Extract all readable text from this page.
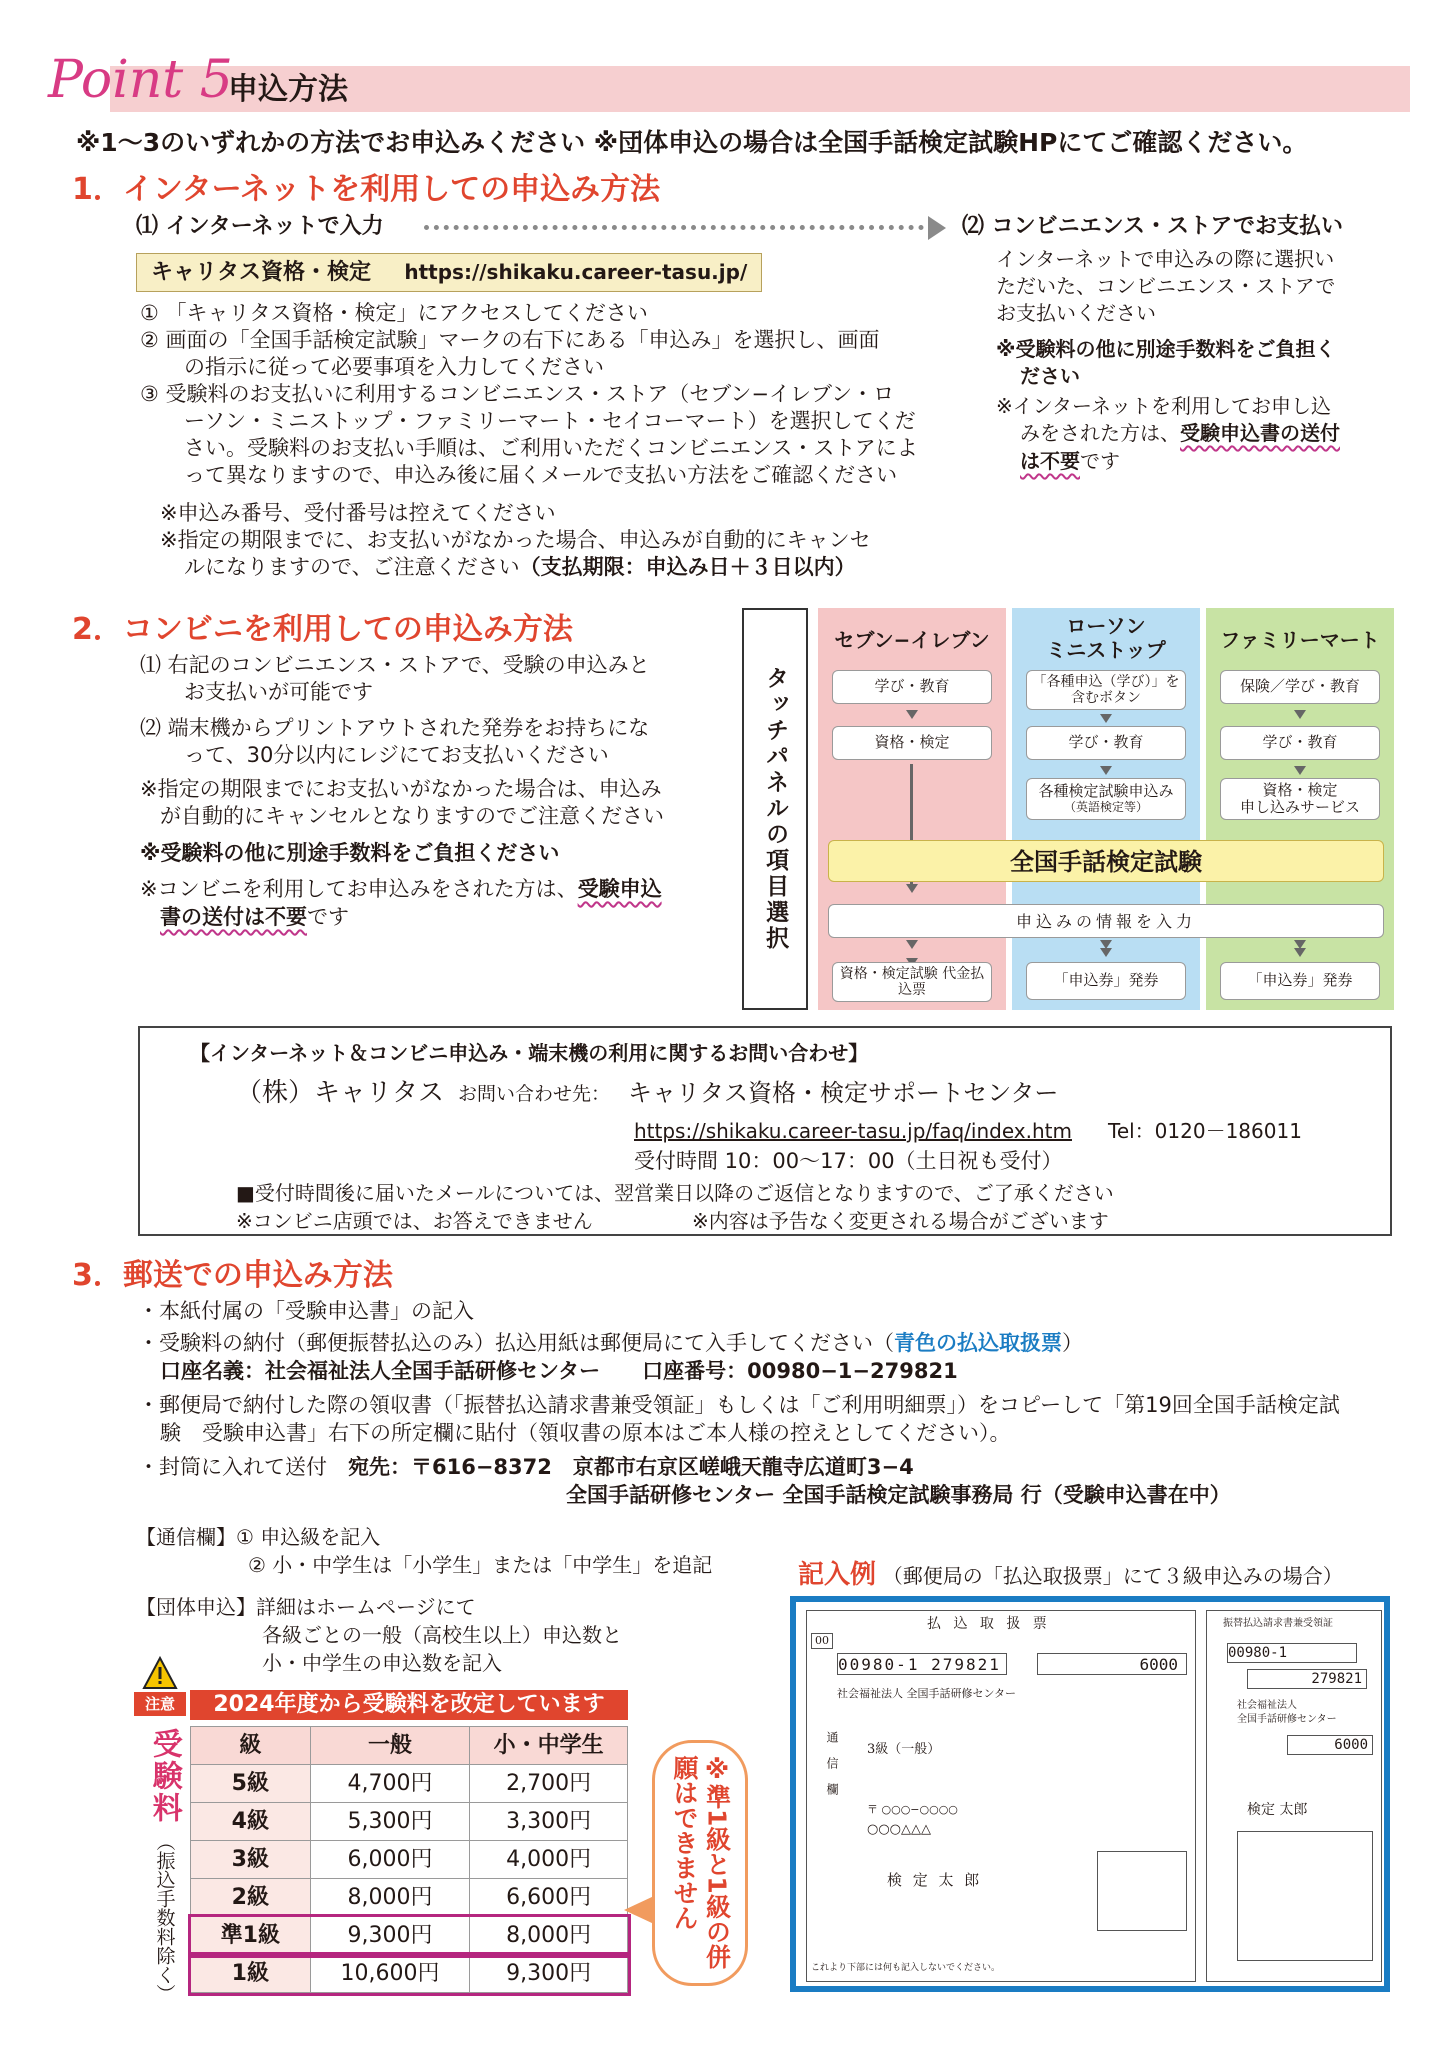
Point 5
申込方法
※1～3のいずれかの方法でお申込みください ※団体申込の場合は全国手話検定試験HPにてご確認ください。
1．インターネットを利用しての申込み方法
⑴ インターネットで入力	⑵ コンビニエンス・ストアでお支払い
キャリタス資格・検定 https://shikaku.career-tasu.jp/
① 「キャリタス資格・検定」にアクセスしてください
② 画面の「全国手話検定試験」マークの右下にある「申込み」を選択し、画面
の指示に従って必要事項を入力してください
③ 受験料のお支払いに利用するコンビニエンス・ストア（セブン−イレブン・ロ
ーソン・ミニストップ・ファミリーマート・セイコーマート）を選択してくだ
さい。受験料のお支払い手順は、ご利用いただくコンビニエンス・ストアによ
って異なりますので、申込み後に届くメールで支払い方法をご確認ください
※申込み番号、受付番号は控えてください
※指定の期限までに、お支払いがなかった場合、申込みが自動的にキャンセ
ルになりますので、ご注意ください（支払期限：申込み日＋３日以内）
インターネットで申込みの際に選択い
ただいた、コンビニエンス・ストアで
お支払いください
※受験料の他に別途手数料をご負担く
ださい
※インターネットを利用してお申し込
みをされた方は、受験申込書の送付
は不要です
2．コンビニを利用しての申込み方法
⑴ 右記のコンビニエンス・ストアで、受験の申込みと
お支払いが可能です
⑵ 端末機からプリントアウトされた発券をお持ちにな
って、30分以内にレジにてお支払いください
※指定の期限までにお支払いがなかった場合は、申込み
が自動的にキャンセルとなりますのでご注意ください
※受験料の他に別途手数料をご負担ください
※コンビニを利用してお申込みをされた方は、受験申込
書の送付は不要です	タッチパネルの項目選択
セブン−イレブン
学び・教育
資格・検定
資格・検定試験 代金払込票
ローソン
ミニストップ
「各種申込（学び）」を含むボタン
学び・教育
各種検定試験申込み
（英語検定等）
「申込券」発券
ファミリーマート
保険／学び・教育
学び・教育
資格・検定
申し込みサービス
「申込券」発券
全国手話検定試験
申込みの情報を入力
【インターネット＆コンビニ申込み・端末機の利用に関するお問い合わせ】
（株）キャリタス お問い合わせ先： キャリタス資格・検定サポートセンター
https://shikaku.career-tasu.jp/faq/index.htm Tel：0120－186011
受付時間 10：00～17：00（土日祝も受付）
■受付時間後に届いたメールについては、翌営業日以降のご返信となりますので、ご了承ください
※コンビニ店頭では、お答えできません	※内容は予告なく変更される場合がございます
3．郵送での申込み方法
・本紙付属の「受験申込書」の記入
・受験料の納付（郵便振替払込のみ）払込用紙は郵便局にて入手してください（青色の払込取扱票）
口座名義：社会福祉法人全国手話研修センター　　口座番号：00980−1−279821
・郵便局で納付した際の領収書（「振替払込請求書兼受領証」もしくは「ご利用明細票」）をコピーして「第19回全国手話検定試
験　受験申込書」右下の所定欄に貼付（領収書の原本はご本人様の控えとしてください）。
・封筒に入れて送付　宛先：〒616−8372　京都市右京区嵯峨天龍寺広道町3−4
全国手話研修センター 全国手話検定試験事務局 行（受験申込書在中）
【通信欄】① 申込級を記入
② 小・中学生は「小学生」または「中学生」を追記
【団体申込】詳細はホームページにて
各級ごとの一般（高校生以上）申込数と
小・中学生の申込数を記入
注意	2024年度から受験料を改定しています
受験料
（振込手数料除く）
級	一般	小・中学生
5級	4,700円	2,700円
4級	5,300円	3,300円
3級	6,000円	4,000円
2級	8,000円	6,600円
準1級	9,300円	8,000円
1級	10,600円	9,300円
※準1級と1級の併願はできません
記入例 （郵便局の「払込取扱票」にて３級申込みの場合）
払 込 取 扱 票
00
00980-1 279821	6000
社会福祉法人 全国手話研修センター
通信欄
3級（一般）
〒 ○○○−○○○○
○○○△△△
検 定 太 郎
これより下部には何も記入しないでください。
振替払込請求書兼受領証
00980-1
279821
社会福祉法人
全国手話研修センター
6000
検定 太郎
